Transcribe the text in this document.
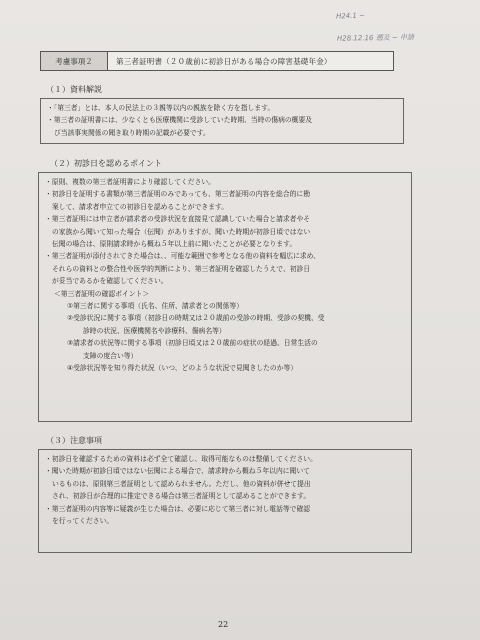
H24.1 ~
H28.12.16 遡及 ~ 申請
考慮事項２	第三者証明書（２０歳前に初診日がある場合の障害基礎年金）
（１）資料解説

・「第三者」とは、本人の民法上の３親等以内の親族を除く方を指します。

・第三者の証明書には、少なくとも医療機関に受診していた時期、当時の傷病の概要及

び当該事実関係の聞き取り時期の記載が必要です。

（２）初診日を認めるポイント

・原則、複数の第三者証明書により確認してください。

・初診日を証明する書類が第三者証明のみであっても、第三者証明の内容を総合的に勘

案して、請求者申立ての初診日を認めることができます。

・第三者証明には申立者が請求者の受診状況を直接見て認識していた場合と請求者やそ

の家族から聞いて知った場合（伝聞）がありますが、聞いた時期が初診日頃ではない

伝聞の場合は、原則請求時から概ね５年以上前に聞いたことが必要となります。

・第三者証明が添付されてきた場合は、、可能な範囲で参考となる他の資料を幅広に求め、

それらの資料との整合性や医学的判断により、第三者証明を確認したうえで、初診日

が妥当であるかを確認してください。

＜第三者証明の確認ポイント＞

①第三者に関する事項（氏名、住所、請求者との関係等）

②受診状況に関する事項（初診日の時期又は２０歳前の受診の時期、受診の契機、受

診時の状況、医療機関名や診療科、傷病名等）

③請求者の状況等に関する事項（初診日頃又は２０歳前の症状の経過、日常生活の

支障の度合い等）

④受診状況等を知り得た状況（いつ、どのような状況で見聞きしたのか等）

（３）注意事項

・初診日を確認するための資料は必ず全て確認し、取得可能なものは整備してください。

・聞いた時期が初診日頃ではない伝聞による場合で、請求時から概ね５年以内に聞いて

いるものは、原則第三者証明として認められません。ただし、他の資料が併せて提出

され、初診日が合理的に推定できる場合は第三者証明として認めることができます。

・第三者証明の内容等に疑義が生じた場合は、必要に応じて第三者に対し電話等で確認

を行ってください。

22
